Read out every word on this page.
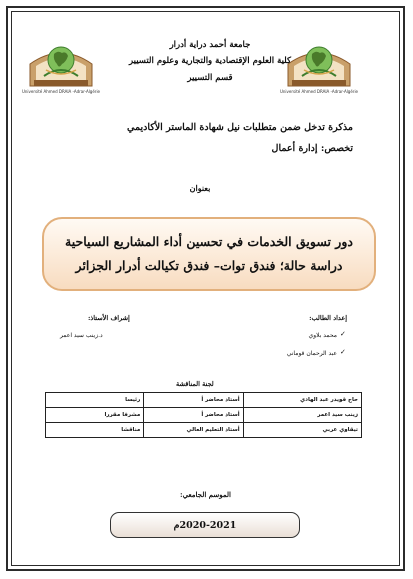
Université Ahmed DRAIA -Adrar-Algérie
Université Ahmed DRAIA -Adrar-Algérie
جامعة أحمد دراية أدرار
كلية العلوم الإقتصادية والتجارية وعلوم التسيير
قسم التسيير
مذكرة تدخل ضمن متطلبات نيل شهادة الماستر الأكاديمي
تخصص: إدارة أعمال
بعنوان
دور تسويق الخدمات في تحسين أداء المشاريع السياحية
دراسة حالة؛ فندق توات– فندق تكيالت أدرار الجزائر
إعداد الطالب:
✓
محمد بلاوي
✓
عبد الرحمان قوماني
إشراف الأستاذ:
د.زينب سيد اعمر
لجنة المناقشة
حاج قويدر عبد الهادي	أستاذ محاضر أ	رئيسا
زينب سيد اعمر	أستاذ محاضر أ	مشرفا مقررا
تيقاوي عربي	أستاذ التعليم العالي	مناقشا
الموسم الجامعي:
2020-2021م
